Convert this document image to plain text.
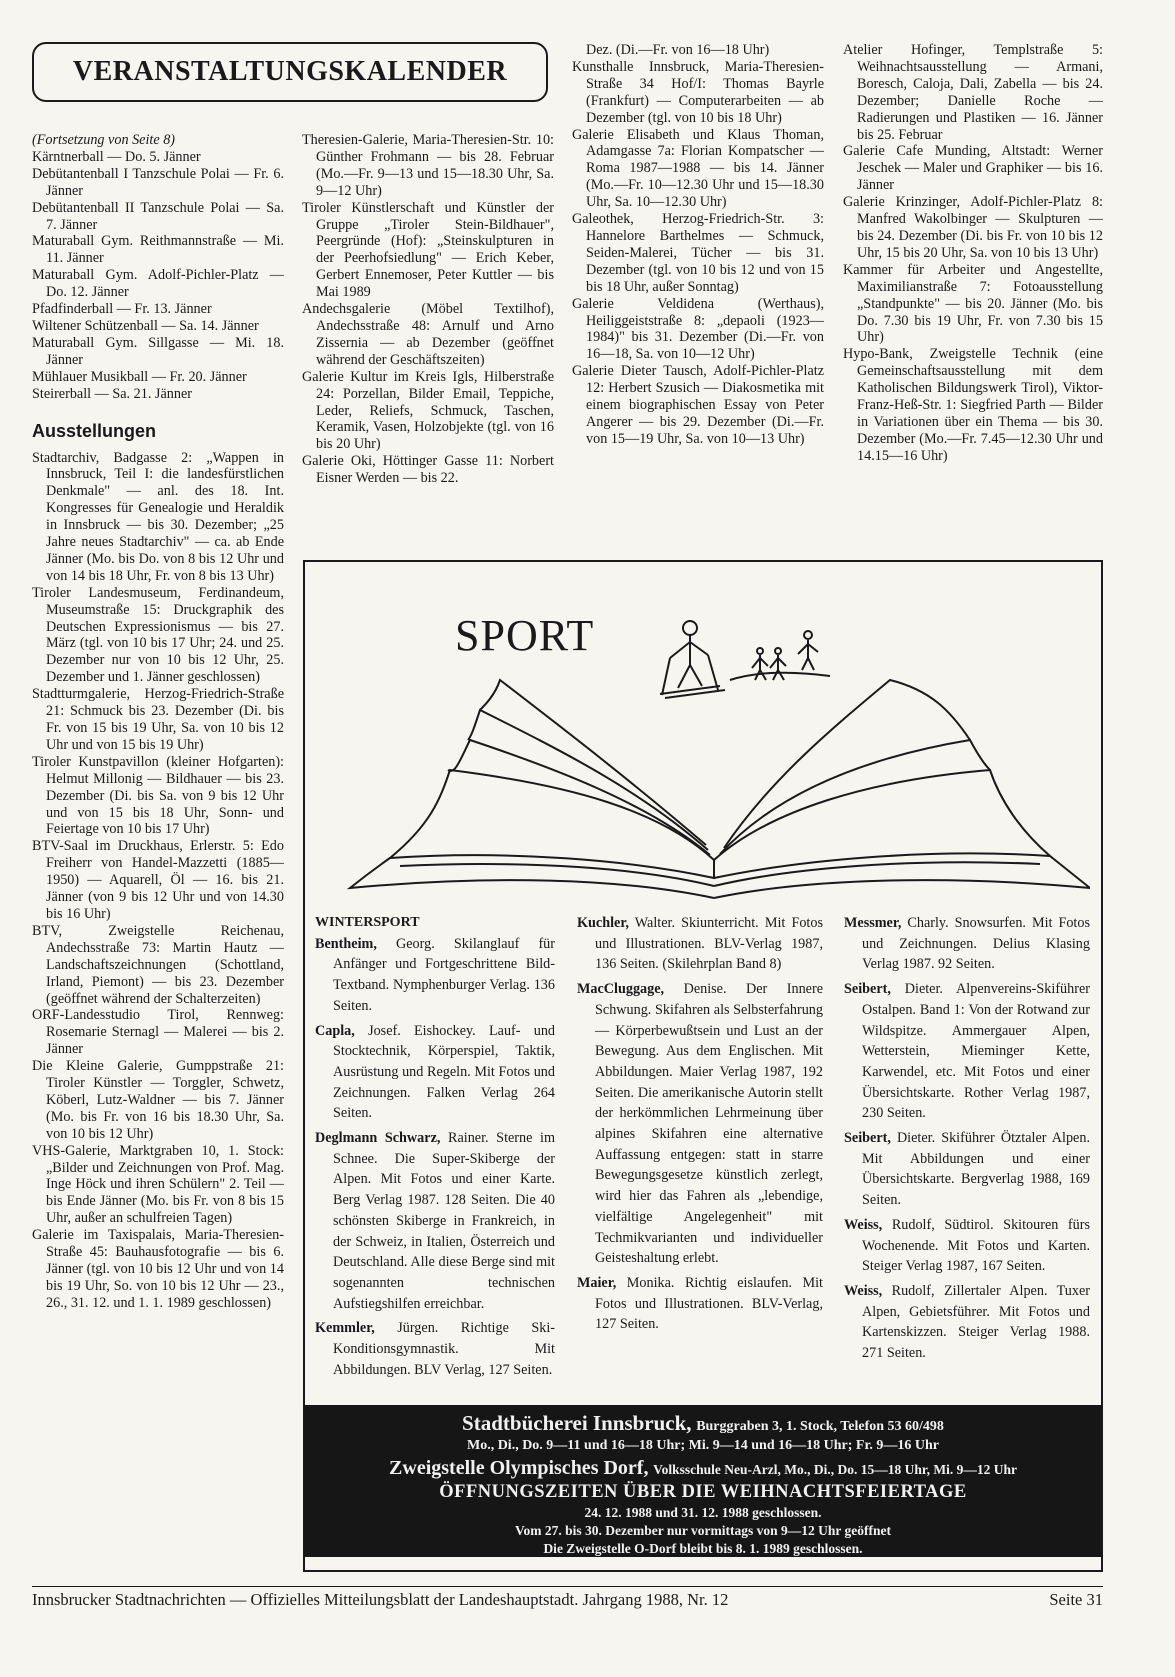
VERANSTALTUNGSKALENDER

(Fortsetzung von Seite 8)

Kärntnerball — Do. 5. Jänner

Debütantenball I Tanzschule Polai — Fr. 6. Jänner

Debütantenball II Tanzschule Polai — Sa. 7. Jänner

Maturaball Gym. Reithmannstraße — Mi. 11. Jänner

Maturaball Gym. Adolf-Pichler-Platz — Do. 12. Jänner

Pfadfinderball — Fr. 13. Jänner

Wiltener Schützenball — Sa. 14. Jänner

Maturaball Gym. Sillgasse — Mi. 18. Jänner

Mühlauer Musikball — Fr. 20. Jänner

Steirerball — Sa. 21. Jänner

Ausstellungen

Stadtarchiv, Badgasse 2: „Wappen in Innsbruck, Teil I: die landesfürstlichen Denkmale" — anl. des 18. Int. Kongresses für Genealogie und Heraldik in Innsbruck — bis 30. Dezember; „25 Jahre neues Stadtarchiv" — ca. ab Ende Jänner (Mo. bis Do. von 8 bis 12 Uhr und von 14 bis 18 Uhr, Fr. von 8 bis 13 Uhr)

Tiroler Landesmuseum, Ferdinandeum, Museumstraße 15: Druckgraphik des Deutschen Expressionismus — bis 27. März (tgl. von 10 bis 17 Uhr; 24. und 25. Dezember nur von 10 bis 12 Uhr, 25. Dezember und 1. Jänner geschlossen)

Stadtturmgalerie, Herzog-Friedrich-Straße 21: Schmuck bis 23. Dezember (Di. bis Fr. von 15 bis 19 Uhr, Sa. von 10 bis 12 Uhr und von 15 bis 19 Uhr)

Tiroler Kunstpavillon (kleiner Hofgarten): Helmut Millonig — Bildhauer — bis 23. Dezember (Di. bis Sa. von 9 bis 12 Uhr und von 15 bis 18 Uhr, Sonn- und Feiertage von 10 bis 17 Uhr)

BTV-Saal im Druckhaus, Erlerstr. 5: Edo Freiherr von Handel-Mazzetti (1885—1950) — Aquarell, Öl — 16. bis 21. Jänner (von 9 bis 12 Uhr und von 14.30 bis 16 Uhr)

BTV, Zweigstelle Reichenau, Andechsstraße 73: Martin Hautz — Landschaftszeichnungen (Schottland, Irland, Piemont) — bis 23. Dezember (geöffnet während der Schalterzeiten)

ORF-Landesstudio Tirol, Rennweg: Rosemarie Sternagl — Malerei — bis 2. Jänner

Die Kleine Galerie, Gumppstraße 21: Tiroler Künstler — Torggler, Schwetz, Köberl, Lutz-Waldner — bis 7. Jänner (Mo. bis Fr. von 16 bis 18.30 Uhr, Sa. von 10 bis 12 Uhr)

VHS-Galerie, Marktgraben 10, 1. Stock: „Bilder und Zeichnungen von Prof. Mag. Inge Höck und ihren Schülern" 2. Teil — bis Ende Jänner (Mo. bis Fr. von 8 bis 15 Uhr, außer an schulfreien Tagen)

Galerie im Taxispalais, Maria-Theresien-Straße 45: Bauhausfotografie — bis 6. Jänner (tgl. von 10 bis 12 Uhr und von 14 bis 19 Uhr, So. von 10 bis 12 Uhr — 23., 26., 31. 12. und 1. 1. 1989 geschlossen)

Theresien-Galerie, Maria-Theresien-Str. 10: Günther Frohmann — bis 28. Februar (Mo.—Fr. 9—13 und 15—18.30 Uhr, Sa. 9—12 Uhr)

Tiroler Künstlerschaft und Künstler der Gruppe „Tiroler Stein-Bildhauer", Peergründe (Hof): „Steinskulpturen in der Peerhofsiedlung" — Erich Keber, Gerbert Ennemoser, Peter Kuttler — bis Mai 1989

Andechsgalerie (Möbel Textilhof), Andechsstraße 48: Arnulf und Arno Zissernia — ab Dezember (geöffnet während der Geschäftszeiten)

Galerie Kultur im Kreis Igls, Hilberstraße 24: Porzellan, Bilder Email, Teppiche, Leder, Reliefs, Schmuck, Taschen, Keramik, Vasen, Holzobjekte (tgl. von 16 bis 20 Uhr)

Galerie Oki, Höttinger Gasse 11: Norbert Eisner Werden — bis 22.

Dez. (Di.—Fr. von 16—18 Uhr)

Kunsthalle Innsbruck, Maria-Theresien-Straße 34 Hof/I: Thomas Bayrle (Frankfurt) — Computerarbeiten — ab Dezember (tgl. von 10 bis 18 Uhr)

Galerie Elisabeth und Klaus Thoman, Adamgasse 7a: Florian Kompatscher — Roma 1987—1988 — bis 14. Jänner (Mo.—Fr. 10—12.30 Uhr und 15—18.30 Uhr, Sa. 10—12.30 Uhr)

Galeothek, Herzog-Friedrich-Str. 3: Hannelore Barthelmes — Schmuck, Seiden-Malerei, Tücher — bis 31. Dezember (tgl. von 10 bis 12 und von 15 bis 18 Uhr, außer Sonntag)

Galerie Veldidena (Werthaus), Heiliggeiststraße 8: „depaoli (1923—1984)" bis 31. Dezember (Di.—Fr. von 16—18, Sa. von 10—12 Uhr)

Galerie Dieter Tausch, Adolf-Pichler-Platz 12: Herbert Szusich — Diakosmetika mit einem biographischen Essay von Peter Angerer — bis 29. Dezember (Di.—Fr. von 15—19 Uhr, Sa. von 10—13 Uhr)

Atelier Hofinger, Templstraße 5: Weihnachtsausstellung — Armani, Boresch, Caloja, Dali, Zabella — bis 24. Dezember; Danielle Roche — Radierungen und Plastiken — 16. Jänner bis 25. Februar

Galerie Cafe Munding, Altstadt: Werner Jeschek — Maler und Graphiker — bis 16. Jänner

Galerie Krinzinger, Adolf-Pichler-Platz 8: Manfred Wakolbinger — Skulpturen — bis 24. Dezember (Di. bis Fr. von 10 bis 12 Uhr, 15 bis 20 Uhr, Sa. von 10 bis 13 Uhr)

Kammer für Arbeiter und Angestellte, Maximilianstraße 7: Fotoausstellung „Standpunkte" — bis 20. Jänner (Mo. bis Do. 7.30 bis 19 Uhr, Fr. von 7.30 bis 15 Uhr)

Hypo-Bank, Zweigstelle Technik (eine Gemeinschaftsausstellung mit dem Katholischen Bildungswerk Tirol), Viktor-Franz-Heß-Str. 1: Siegfried Parth — Bilder in Variationen über ein Thema — bis 30. Dezember (Mo.—Fr. 7.45—12.30 Uhr und 14.15—16 Uhr)

SPORT
WINTERSPORT

Bentheim, Georg. Skilanglauf für Anfänger und Fortgeschrittene Bild-Textband. Nymphenburger Verlag. 136 Seiten.

Capla, Josef. Eishockey. Lauf- und Stocktechnik, Körperspiel, Taktik, Ausrüstung und Regeln. Mit Fotos und Zeichnungen. Falken Verlag 264 Seiten.

Deglmann Schwarz, Rainer. Sterne im Schnee. Die Super-Skiberge der Alpen. Mit Fotos und einer Karte. Berg Verlag 1987. 128 Seiten. Die 40 schönsten Skiberge in Frankreich, in der Schweiz, in Italien, Österreich und Deutschland. Alle diese Berge sind mit sogenannten technischen Aufstiegshilfen erreichbar.

Kemmler, Jürgen. Richtige Ski-Konditionsgymnastik. Mit Abbildungen. BLV Verlag, 127 Seiten.

Kuchler, Walter. Skiunterricht. Mit Fotos und Illustrationen. BLV-Verlag 1987, 136 Seiten. (Skilehrplan Band 8)

MacCluggage, Denise. Der Innere Schwung. Skifahren als Selbsterfahrung — Körperbewußtsein und Lust an der Bewegung. Aus dem Englischen. Mit Abbildungen. Maier Verlag 1987, 192 Seiten. Die amerikanische Autorin stellt der herkömmlichen Lehrmeinung über alpines Skifahren eine alternative Auffassung entgegen: statt in starre Bewegungsgesetze künstlich zerlegt, wird hier das Fahren als „lebendige, vielfältige Angelegenheit" mit Techmikvarianten und individueller Geisteshaltung erlebt.

Maier, Monika. Richtig eislaufen. Mit Fotos und Illustrationen. BLV-Verlag, 127 Seiten.

Messmer, Charly. Snowsurfen. Mit Fotos und Zeichnungen. Delius Klasing Verlag 1987. 92 Seiten.

Seibert, Dieter. Alpenvereins-Skiführer Ostalpen. Band 1: Von der Rotwand zur Wildspitze. Ammergauer Alpen, Wetterstein, Mieminger Kette, Karwendel, etc. Mit Fotos und einer Übersichtskarte. Rother Verlag 1987, 230 Seiten.

Seibert, Dieter. Skiführer Ötztaler Alpen. Mit Abbildungen und einer Übersichtskarte. Bergverlag 1988, 169 Seiten.

Weiss, Rudolf, Südtirol. Skitouren fürs Wochenende. Mit Fotos und Karten. Steiger Verlag 1987, 167 Seiten.

Weiss, Rudolf, Zillertaler Alpen. Tuxer Alpen, Gebietsführer. Mit Fotos und Kartenskizzen. Steiger Verlag 1988. 271 Seiten.

Stadtbücherei Innsbruck, Burggraben 3, 1. Stock, Telefon 53 60/498
Mo., Di., Do. 9—11 und 16—18 Uhr; Mi. 9—14 und 16—18 Uhr; Fr. 9—16 Uhr
Zweigstelle Olympisches Dorf, Volksschule Neu-Arzl, Mo., Di., Do. 15—18 Uhr, Mi. 9—12 Uhr
ÖFFNUNGSZEITEN ÜBER DIE WEIHNACHTSFEIERTAGE
24. 12. 1988 und 31. 12. 1988 geschlossen.
Vom 27. bis 30. Dezember nur vormittags von 9—12 Uhr geöffnet
Die Zweigstelle O-Dorf bleibt bis 8. 1. 1989 geschlossen.
Innsbrucker Stadtnachrichten — Offizielles Mitteilungsblatt der Landeshauptstadt. Jahrgang 1988, Nr. 12	Seite 31
